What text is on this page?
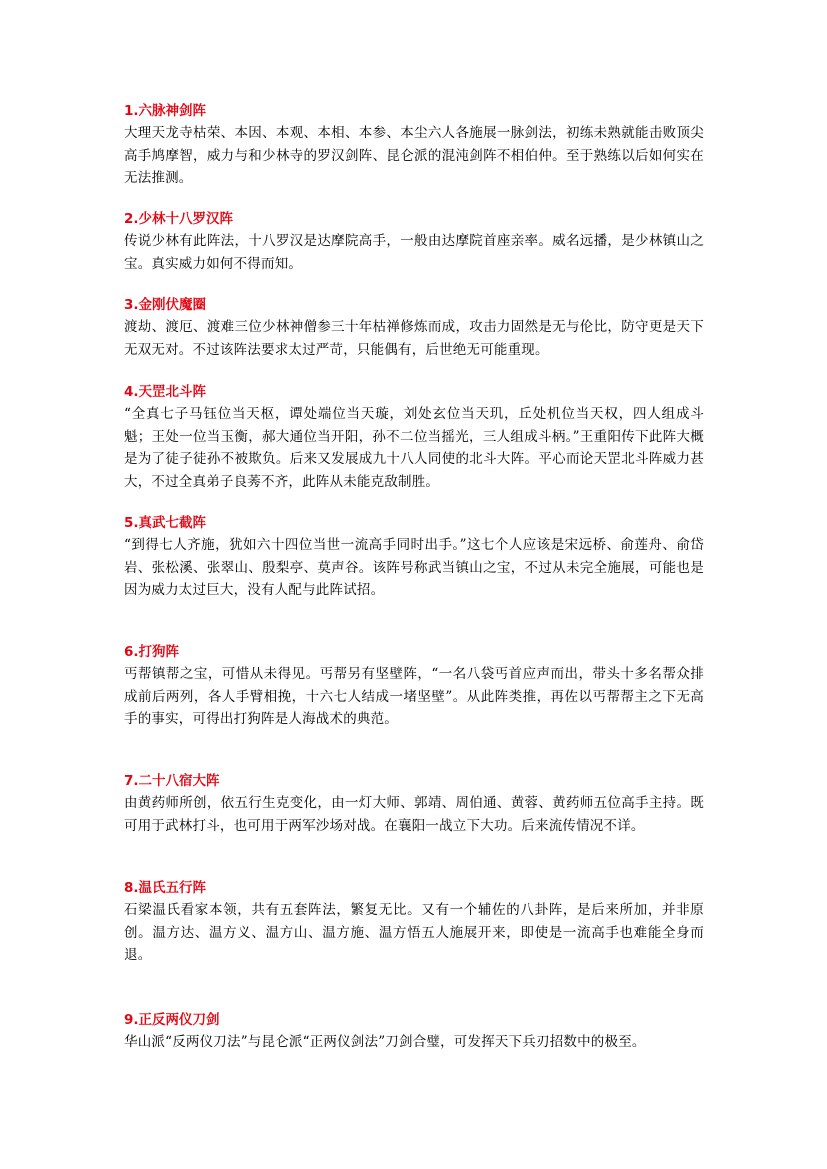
1.六脉神剑阵
大理天龙寺枯荣、本因、本观、本相、本参、本尘六人各施展一脉剑法，初练未熟就能击败顶尖高手鸠摩智，威力与和少林寺的罗汉剑阵、昆仑派的混沌剑阵不相伯仲。至于熟练以后如何实在无法推测。
2.少林十八罗汉阵
传说少林有此阵法，十八罗汉是达摩院高手，一般由达摩院首座亲率。威名远播，是少林镇山之宝。真实威力如何不得而知。
3.金刚伏魔圈
渡劫、渡厄、渡难三位少林神僧参三十年枯禅修炼而成，攻击力固然是无与伦比，防守更是天下无双无对。不过该阵法要求太过严苛，只能偶有，后世绝无可能重现。
4.天罡北斗阵
“全真七子马钰位当天枢，谭处端位当天璇，刘处玄位当天玑，丘处机位当天权，四人组成斗魁；王处一位当玉衡，郝大通位当开阳，孙不二位当摇光，三人组成斗柄。”王重阳传下此阵大概是为了徒子徒孙不被欺负。后来又发展成九十八人同使的北斗大阵。平心而论天罡北斗阵威力甚大，不过全真弟子良莠不齐，此阵从未能克敌制胜。
5.真武七截阵
“到得七人齐施，犹如六十四位当世一流高手同时出手。”这七个人应该是宋远桥、俞莲舟、俞岱岩、张松溪、张翠山、殷梨亭、莫声谷。该阵号称武当镇山之宝，不过从未完全施展，可能也是因为威力太过巨大，没有人配与此阵试招。
6.打狗阵
丐帮镇帮之宝，可惜从未得见。丐帮另有坚壁阵，“一名八袋丐首应声而出，带头十多名帮众排成前后两列，各人手臂相挽，十六七人结成一堵坚壁”。从此阵类推，再佐以丐帮帮主之下无高手的事实，可得出打狗阵是人海战术的典范。
7.二十八宿大阵
由黄药师所创，依五行生克变化，由一灯大师、郭靖、周伯通、黄蓉、黄药师五位高手主持。既可用于武林打斗，也可用于两军沙场对战。在襄阳一战立下大功。后来流传情况不详。
8.温氏五行阵
石梁温氏看家本领，共有五套阵法，繁复无比。又有一个辅佐的八卦阵，是后来所加，并非原创。温方达、温方义、温方山、温方施、温方悟五人施展开来，即使是一流高手也难能全身而退。
9.正反两仪刀剑
华山派“反两仪刀法”与昆仑派“正两仪剑法”刀剑合璧，可发挥天下兵刃招数中的极至。
